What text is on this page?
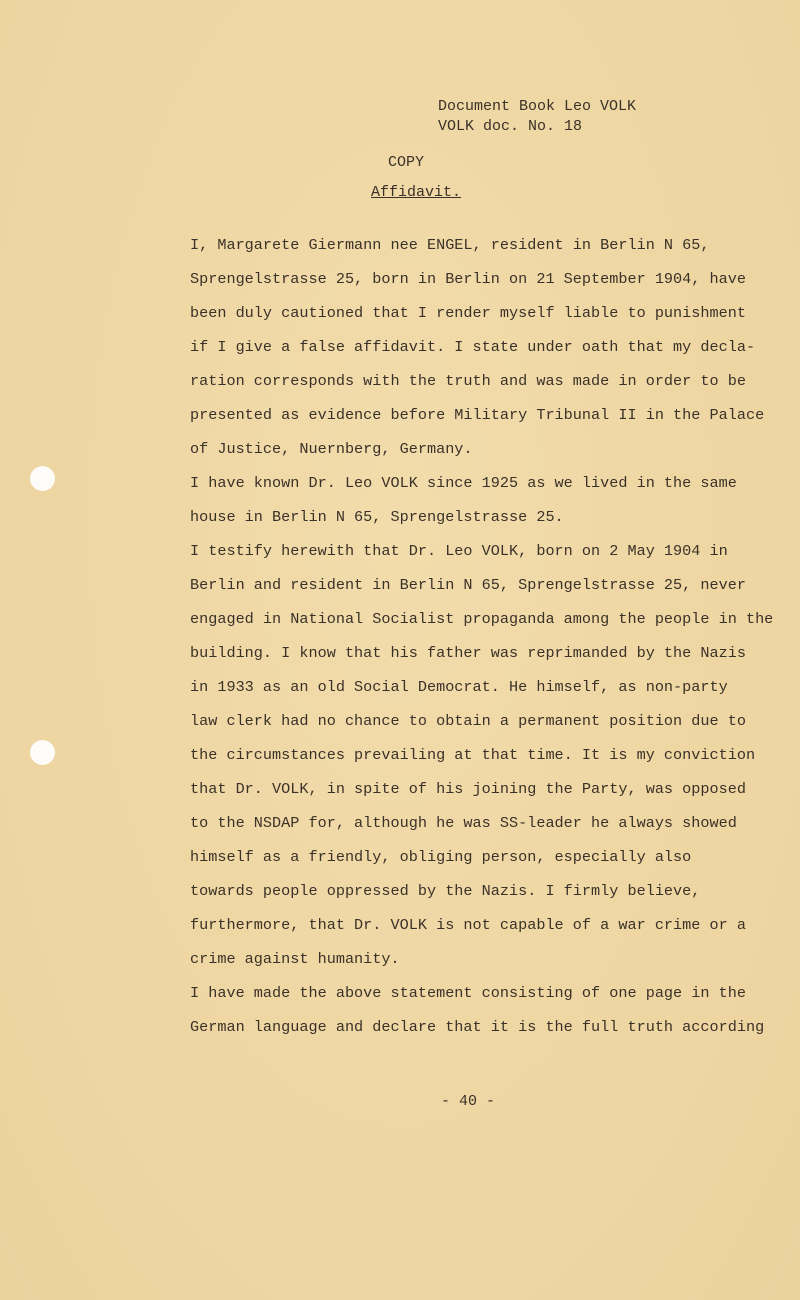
Document Book Leo VOLK
VOLK doc. No. 18
COPY
Affidavit.
I, Margarete Giermann nee ENGEL, resident in Berlin N 65,
Sprengelstrasse 25, born in Berlin on 21 September 1904, have
been duly cautioned that I render myself liable to punishment
if I give a false affidavit. I state under oath that my decla-
ration corresponds with the truth and was made in order to be
presented as evidence before Military Tribunal II in the Palace
of Justice, Nuernberg, Germany.
I have known Dr. Leo VOLK since 1925 as we lived in the same
house in Berlin N 65, Sprengelstrasse 25.
I testify herewith that Dr. Leo VOLK, born on 2 May 1904 in
Berlin and resident in Berlin N 65, Sprengelstrasse 25, never
engaged in National Socialist propaganda among the people in the
building. I know that his father was reprimanded by the Nazis
in 1933 as an old Social Democrat. He himself, as non-party
law clerk had no chance to obtain a permanent position due to
the circumstances prevailing at that time. It is my conviction
that Dr. VOLK, in spite of his joining the Party, was opposed
to the NSDAP for, although he was SS-leader he always showed
himself as a friendly, obliging person, especially also
towards people oppressed by the Nazis. I firmly believe,
furthermore, that Dr. VOLK is not capable of a war crime or a
crime against humanity.
I have made the above statement consisting of one page in the
German language and declare that it is the full truth according
- 40 -
